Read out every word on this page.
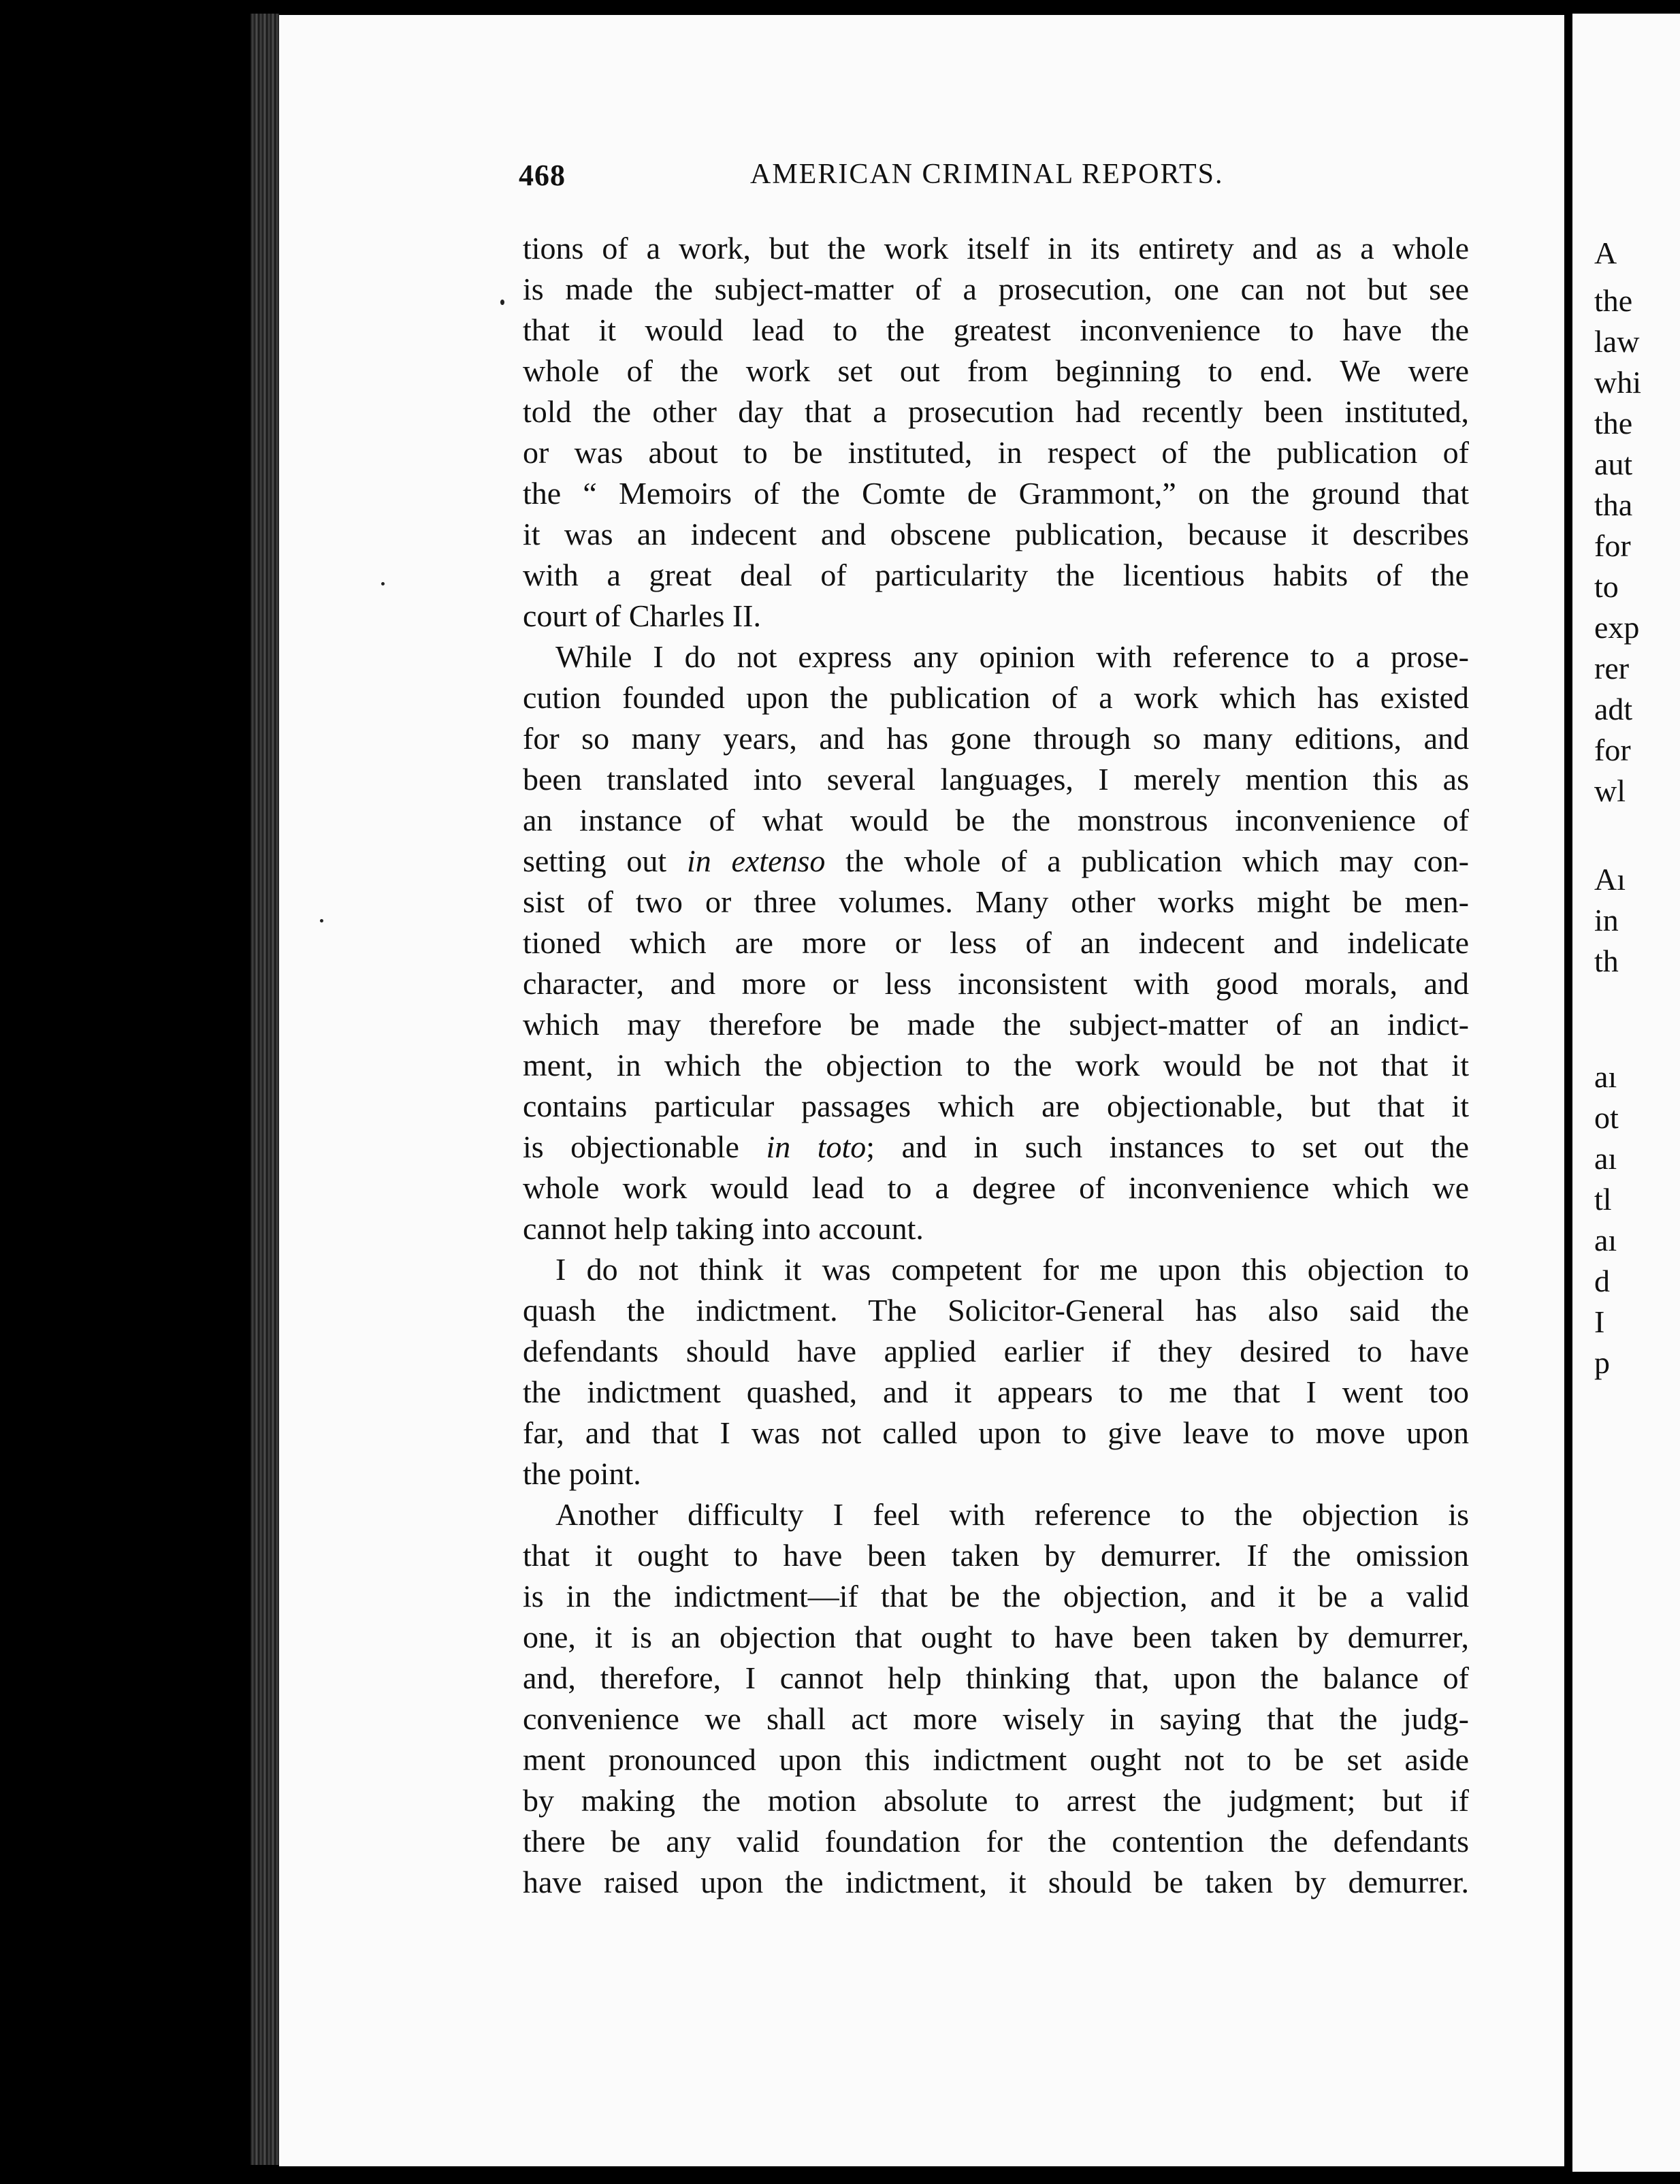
A
the
law
whi
the
aut
tha
for
to
exp
rer
adt
for
wl
Aı
in
th
aı
ot
aı
tl
aı
d
I
p
468	AMERICAN CRIMINAL REPORTS.
tions of a work, but the work itself in its entirety and as a whole
is made the subject-matter of a prosecution, one can not but see
that it would lead to the greatest inconvenience to have the
whole of the work set out from beginning to end. We were
told the other day that a prosecution had recently been instituted,
or was about to be instituted, in respect of the publication of
the “ Memoirs of the Comte de Grammont,” on the ground that
it was an indecent and obscene publication, because it describes
with a great deal of particularity the licentious habits of the
court of Charles II.
While I do not express any opinion with reference to a prose-
cution founded upon the publication of a work which has existed
for so many years, and has gone through so many editions, and
been translated into several languages, I merely mention this as
an instance of what would be the monstrous inconvenience of
setting out in extenso the whole of a publication which may con-
sist of two or three volumes. Many other works might be men-
tioned which are more or less of an indecent and indelicate
character, and more or less inconsistent with good morals, and
which may therefore be made the subject-matter of an indict-
ment, in which the objection to the work would be not that it
contains particular passages which are objectionable, but that it
is objectionable in toto; and in such instances to set out the
whole work would lead to a degree of inconvenience which we
cannot help taking into account.
I do not think it was competent for me upon this objection to
quash the indictment. The Solicitor-General has also said the
defendants should have applied earlier if they desired to have
the indictment quashed, and it appears to me that I went too
far, and that I was not called upon to give leave to move upon
the point.
Another difficulty I feel with reference to the objection is
that it ought to have been taken by demurrer. If the omission
is in the indictment—if that be the objection, and it be a valid
one, it is an objection that ought to have been taken by demurrer,
and, therefore, I cannot help thinking that, upon the balance of
convenience we shall act more wisely in saying that the judg-
ment pronounced upon this indictment ought not to be set aside
by making the motion absolute to arrest the judgment; but if
there be any valid foundation for the contention the defendants
have raised upon the indictment, it should be taken by demurrer.
